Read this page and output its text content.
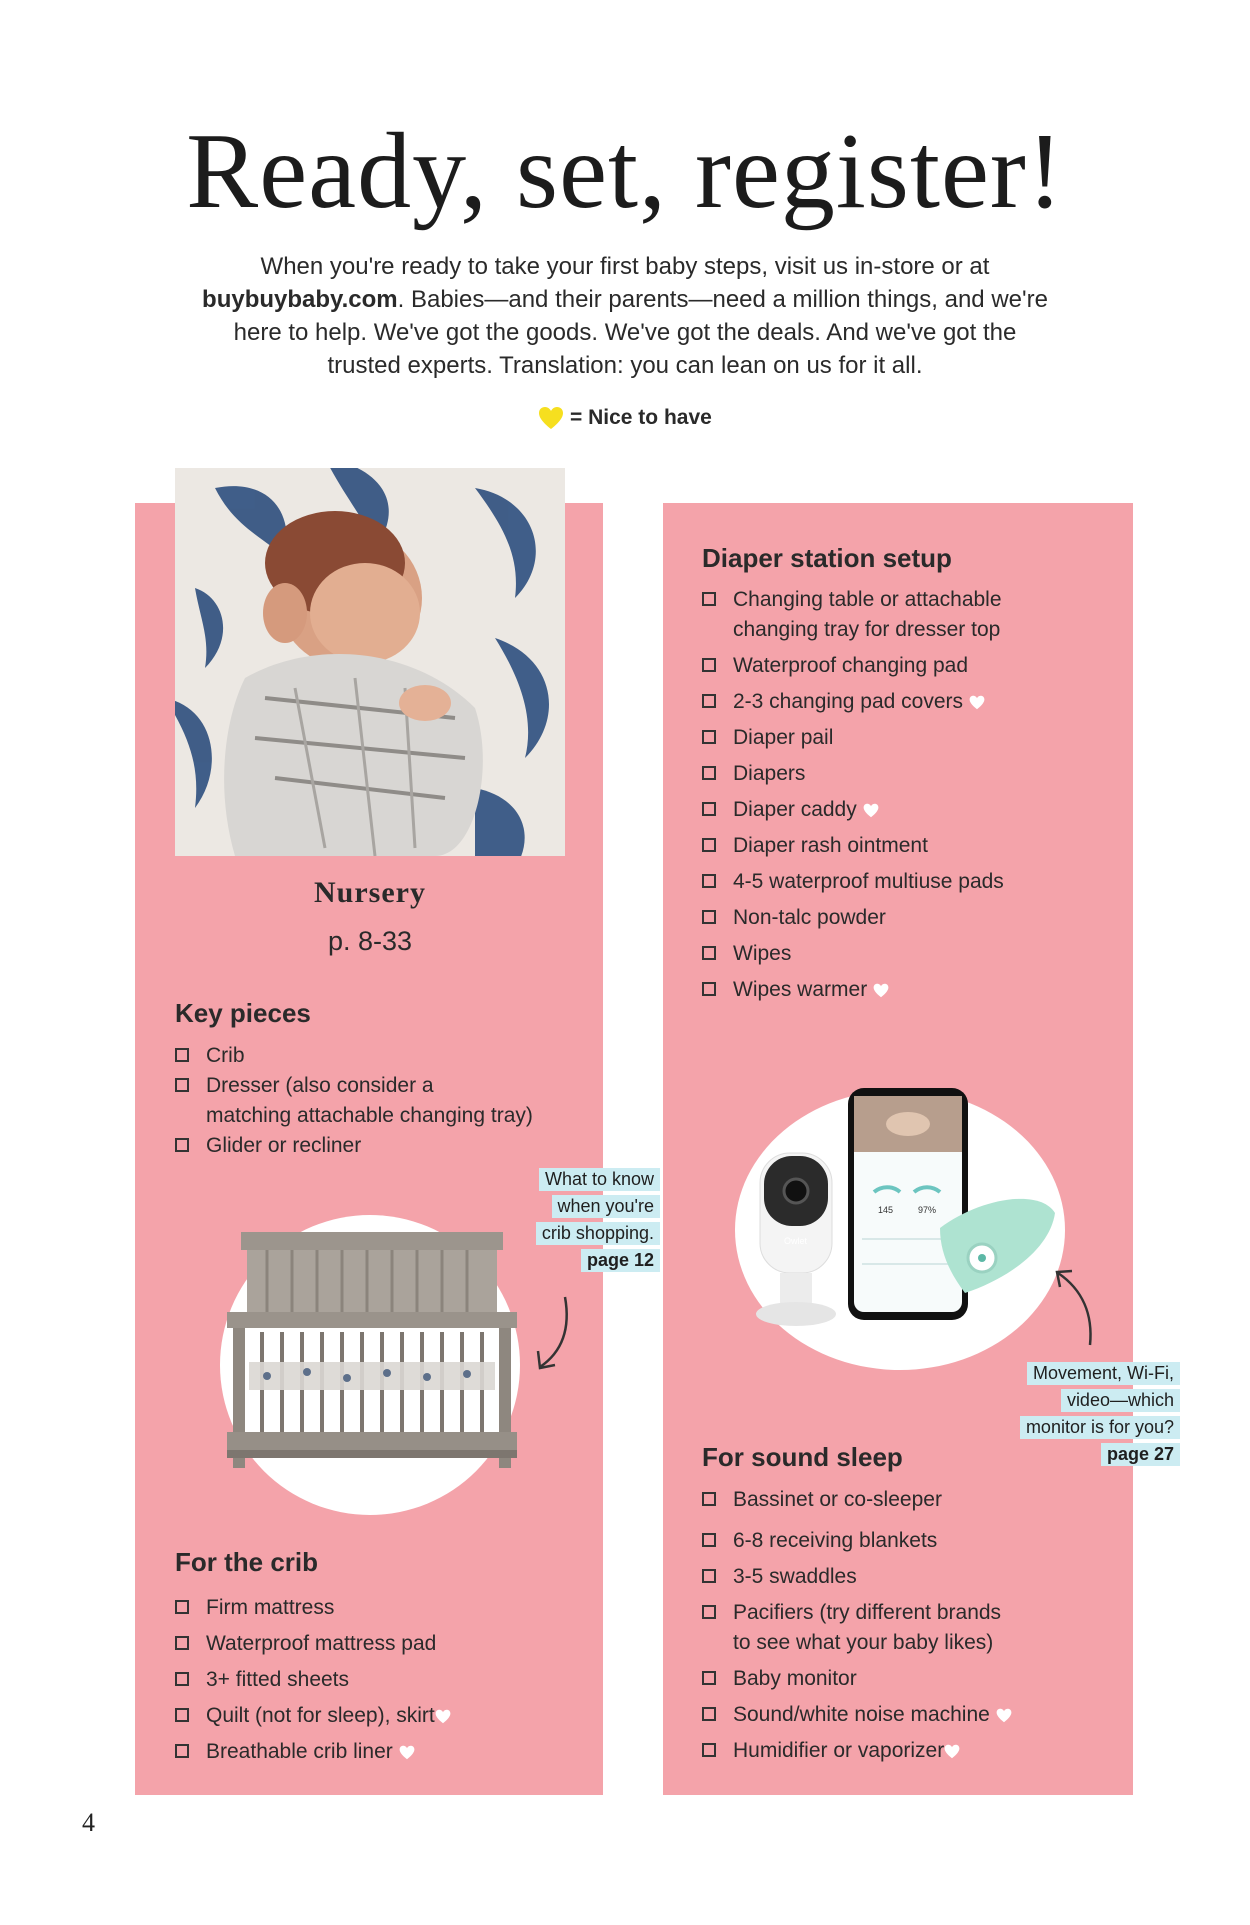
Ready, set, register!
When you're ready to take your first baby steps, visit us in-store or at
buybuybaby.com. Babies—and their parents—need a million things, and we're
here to help. We've got the goods. We've got the deals. And we've got the
trusted experts. Translation: you can lean on us for it all.
= Nice to have
Nursery
p. 8-33
Key pieces
Crib
Dresser (also consider a
matching attachable changing tray)
Glider or recliner
What to know
when you're
crib shopping.
page 12
For the crib
Firm mattress
Waterproof mattress pad
3+ fitted sheets
Quilt (not for sleep), skirt
Breathable crib liner
Diaper station setup
Changing table or attachable
changing tray for dresser top
Waterproof changing pad
2-3 changing pad covers
Diaper pail
Diapers
Diaper caddy
Diaper rash ointment
4-5 waterproof multiuse pads
Non-talc powder
Wipes
Wipes warmer
145	97%
Owlet
Movement, Wi-Fi,
video—which
monitor is for you?
page 27
For sound sleep
Bassinet or co-sleeper
6-8 receiving blankets
3-5 swaddles
Pacifiers (try different brands
to see what your baby likes)
Baby monitor
Sound/white noise machine
Humidifier or vaporizer
4
